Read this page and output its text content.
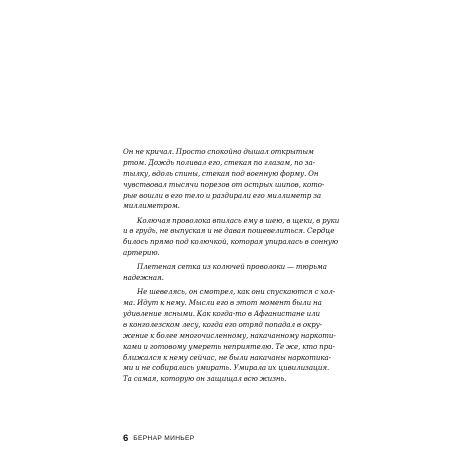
Он не кричал. Просто спокойно дышал открытым
ртом. Дождь поливал его, стекая по глазам, по за-
тылку, вдоль спины, стекая под военную форму. Он
чувствовал тысячи порезов от острых шипов, кото-
рые вошли в его тело и раздирали его миллиметр за
миллиметром.
Колючая проволока впилась ему в шею, в щеки, в руки
и в грудь, не выпуская и не давая пошевелиться. Сердце
билось прямо под колючкой, которая упиралась в сонную
артерию.
Плетеная сетка из колючей проволоки — тюрьма
надежная.
Не шевелясь, он смотрел, как они спускаются с хол-
ма. Идут к нему. Мысли его в этот момент были на
удивление ясными. Как когда-то в Афганистане или
в конголезском лесу, когда его отряд попадал в окру-
жение к более многочисленному, накачанному наркоти-
ками и готовому умереть неприятелю. Те же, кто при-
ближался к нему сейчас, не были накачаны наркотика-
ми и не собирались умирать. Умирала их цивилизация.
Та самая, которую он защищал всю жизнь.
6 БЕРНАР МИНЬЕР
